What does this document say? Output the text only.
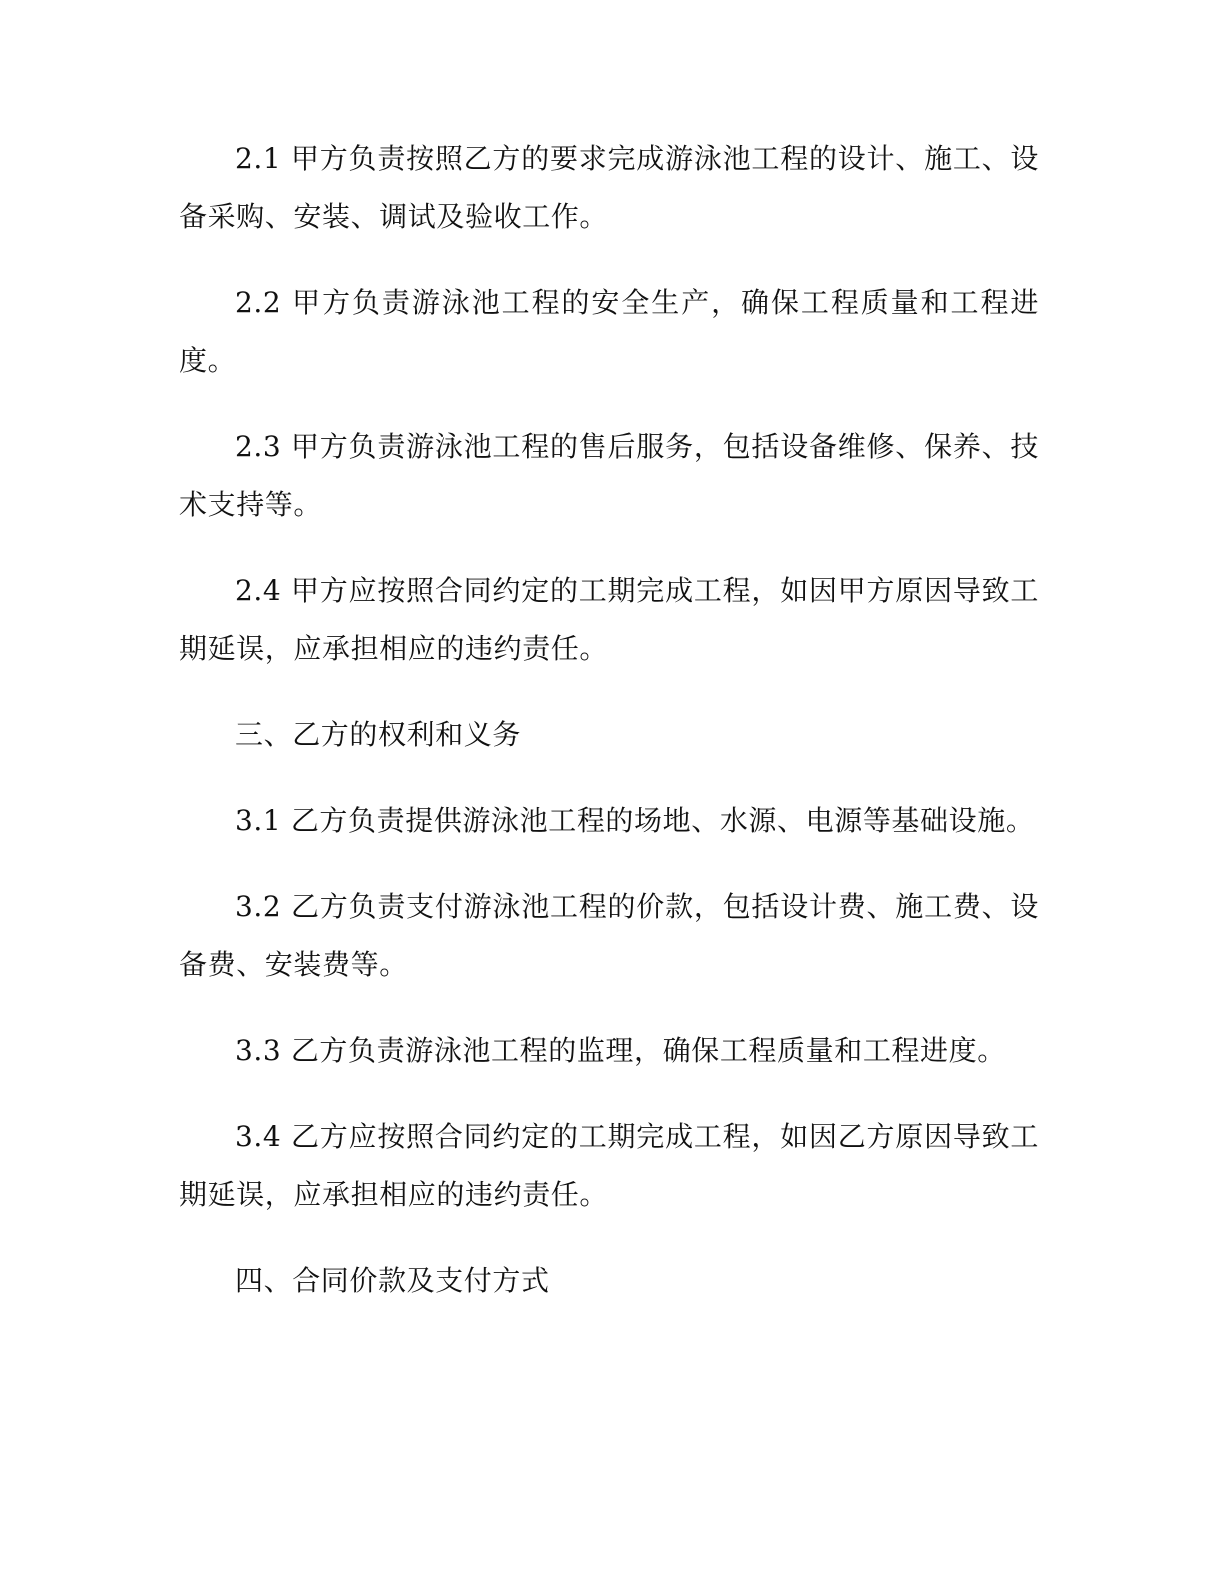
2.1 甲方负责按照乙方的要求完成游泳池工程的设计、施工、设备采购、安装、调试及验收工作。

2.2 甲方负责游泳池工程的安全生产，确保工程质量和工程进度。

2.3 甲方负责游泳池工程的售后服务，包括设备维修、保养、技术支持等。

2.4 甲方应按照合同约定的工期完成工程，如因甲方原因导致工期延误，应承担相应的违约责任。

三、乙方的权利和义务

3.1 乙方负责提供游泳池工程的场地、水源、电源等基础设施。

3.2 乙方负责支付游泳池工程的价款，包括设计费、施工费、设备费、安装费等。

3.3 乙方负责游泳池工程的监理，确保工程质量和工程进度。

3.4 乙方应按照合同约定的工期完成工程，如因乙方原因导致工期延误，应承担相应的违约责任。

四、合同价款及支付方式
